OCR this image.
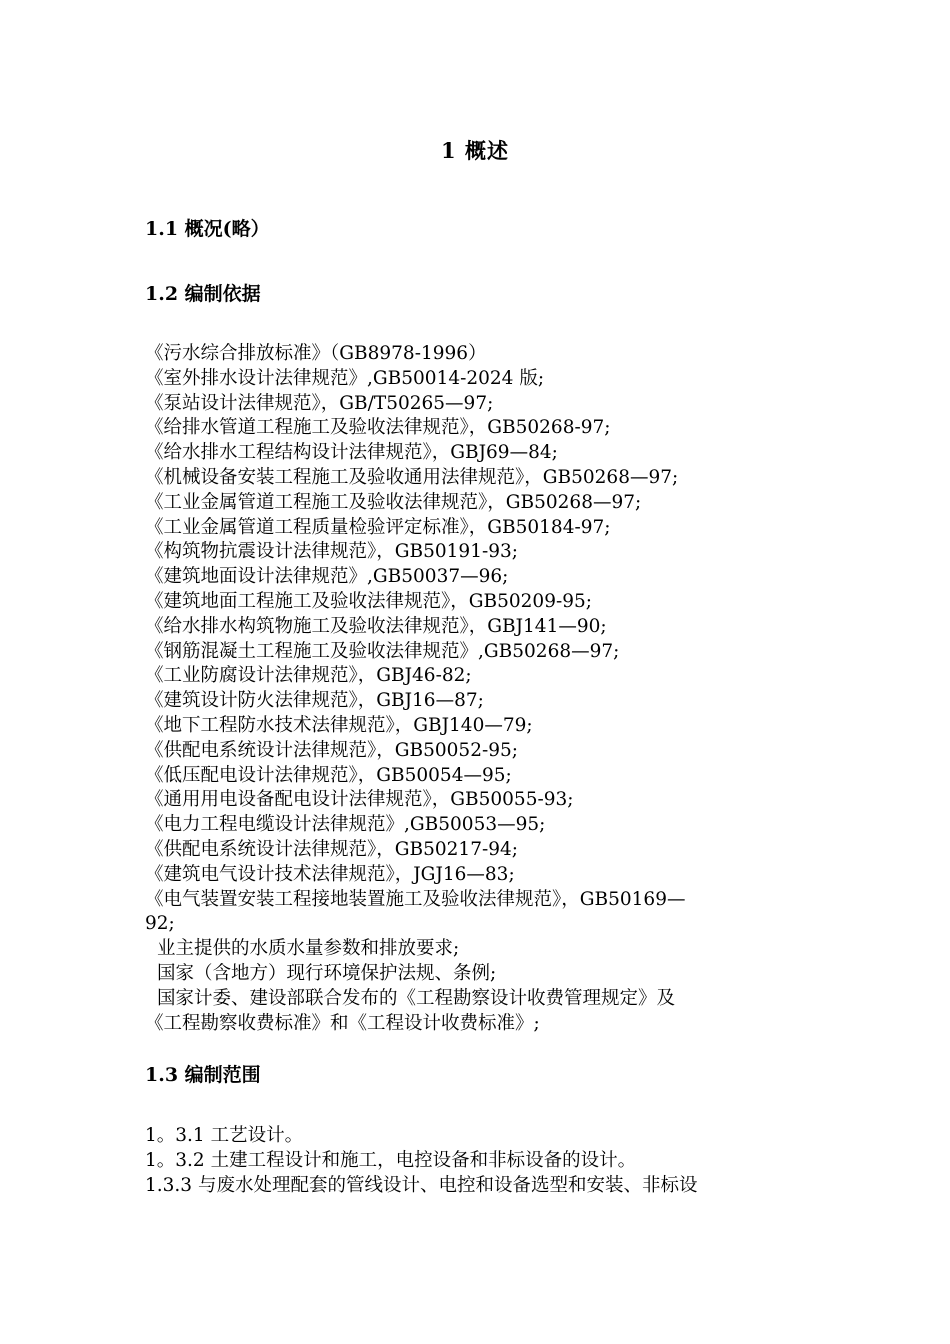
1 概述
1.1 概况(略）
1.2 编制依据
《污水综合排放标准》（GB8978-1996）
《室外排水设计法律规范》,GB50014-2024 版;
《泵站设计法律规范》，GB/T50265—97;
《给排水管道工程施工及验收法律规范》，GB50268-97;
《给水排水工程结构设计法律规范》，GBJ69—84;
《机械设备安装工程施工及验收通用法律规范》，GB50268—97;
《工业金属管道工程施工及验收法律规范》，GB50268—97;
《工业金属管道工程质量检验评定标准》，GB50184-97;
《构筑物抗震设计法律规范》，GB50191-93;
《建筑地面设计法律规范》,GB50037—96;
《建筑地面工程施工及验收法律规范》，GB50209-95;
《给水排水构筑物施工及验收法律规范》，GBJ141—90;
《钢筋混凝土工程施工及验收法律规范》,GB50268—97;
《工业防腐设计法律规范》，GBJ46-82;
《建筑设计防火法律规范》，GBJ16—87;
《地下工程防水技术法律规范》，GBJ140—79;
《供配电系统设计法律规范》，GB50052-95;
《低压配电设计法律规范》，GB50054—95;
《通用用电设备配电设计法律规范》，GB50055-93;
《电力工程电缆设计法律规范》,GB50053—95;
《供配电系统设计法律规范》，GB50217-94;
《建筑电气设计技术法律规范》，JGJ16—83;
《电气装置安装工程接地装置施工及验收法律规范》，GB50169—
92;
业主提供的水质水量参数和排放要求;
国家（含地方）现行环境保护法规、条例;
国家计委、建设部联合发布的《工程勘察设计收费管理规定》及
《工程勘察收费标准》和《工程设计收费标准》;
1.3 编制范围
1。3.1 工艺设计。
1。3.2 土建工程设计和施工，电控设备和非标设备的设计。
1.3.3 与废水处理配套的管线设计、电控和设备选型和安装、非标设
